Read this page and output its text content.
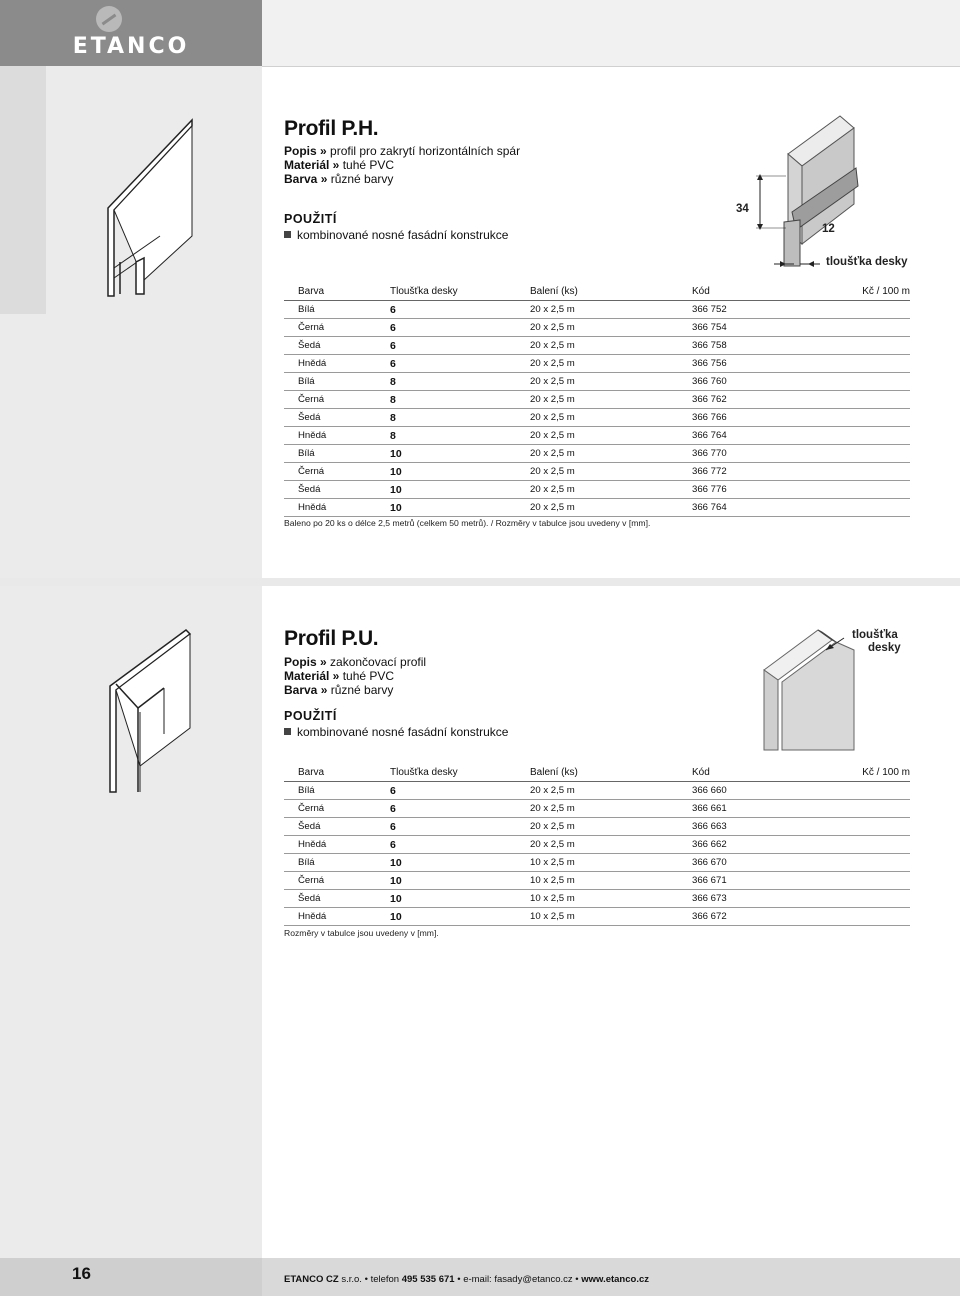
ETANCO
Profil P.H.
Popis » profil pro zakrytí horizontálních spár
Materiál » tuhé PVC
Barva » různé barvy
POUŽITÍ
kombinované nosné fasádní konstrukce
34
12
tloušťka desky
	Barva	Tloušťka desky	Balení (ks)	Kód	Kč / 100 m
	Bílá	6	20 x 2,5 m	366 752	
	Černá	6	20 x 2,5 m	366 754	
	Šedá	6	20 x 2,5 m	366 758	
	Hnědá	6	20 x 2,5 m	366 756	
	Bílá	8	20 x 2,5 m	366 760	
	Černá	8	20 x 2,5 m	366 762	
	Šedá	8	20 x 2,5 m	366 766	
	Hnědá	8	20 x 2,5 m	366 764	
	Bílá	10	20 x 2,5 m	366 770	
	Černá	10	20 x 2,5 m	366 772	
	Šedá	10	20 x 2,5 m	366 776	
	Hnědá	10	20 x 2,5 m	366 764	
Baleno po 20 ks o délce 2,5 metrů (celkem 50 metrů). / Rozměry v tabulce jsou uvedeny v [mm].
Profil P.U.
Popis » zakončovací profil
Materiál » tuhé PVC
Barva » různé barvy
POUŽITÍ
kombinované nosné fasádní konstrukce
tloušťka
desky
	Barva	Tloušťka desky	Balení (ks)	Kód	Kč / 100 m
	Bílá	6	20 x 2,5 m	366 660	
	Černá	6	20 x 2,5 m	366 661	
	Šedá	6	20 x 2,5 m	366 663	
	Hnědá	6	20 x 2,5 m	366 662	
	Bílá	10	10 x 2,5 m	366 670	
	Černá	10	10 x 2,5 m	366 671	
	Šedá	10	10 x 2,5 m	366 673	
	Hnědá	10	10 x 2,5 m	366 672	
Rozměry v tabulce jsou uvedeny v [mm].
16	ETANCO CZ s.r.o. • telefon 495 535 671 • e-mail: fasady@etanco.cz • www.etanco.cz
